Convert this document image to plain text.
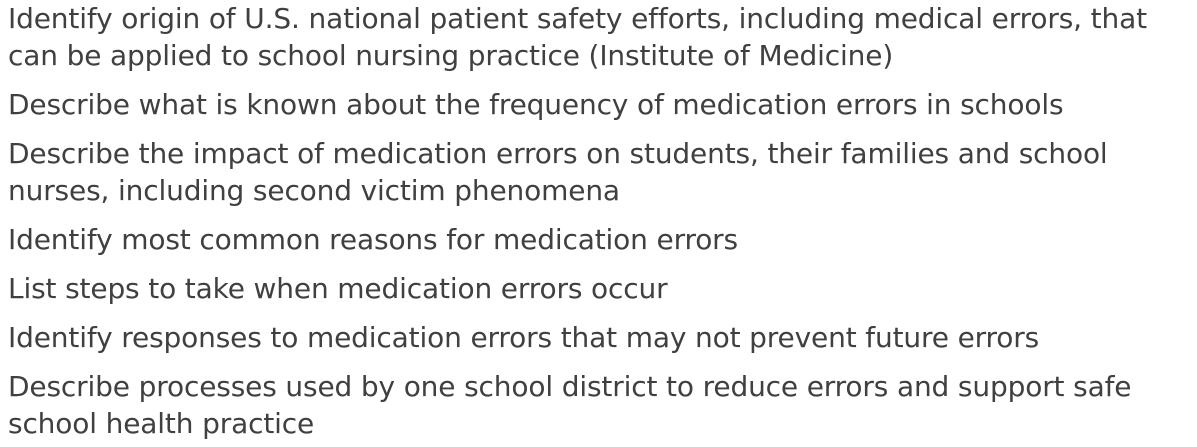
Identify origin of U.S. national patient safety efforts, including medical errors, that can be applied to school nursing practice (Institute of Medicine)
Describe what is known about the frequency of medication errors in schools
Describe the impact of medication errors on students, their families and school nurses, including second victim phenomena
Identify most common reasons for medication errors
List steps to take when medication errors occur
Identify responses to medication errors that may not prevent future errors
Describe processes used by one school district to reduce errors and support safe school health practice
